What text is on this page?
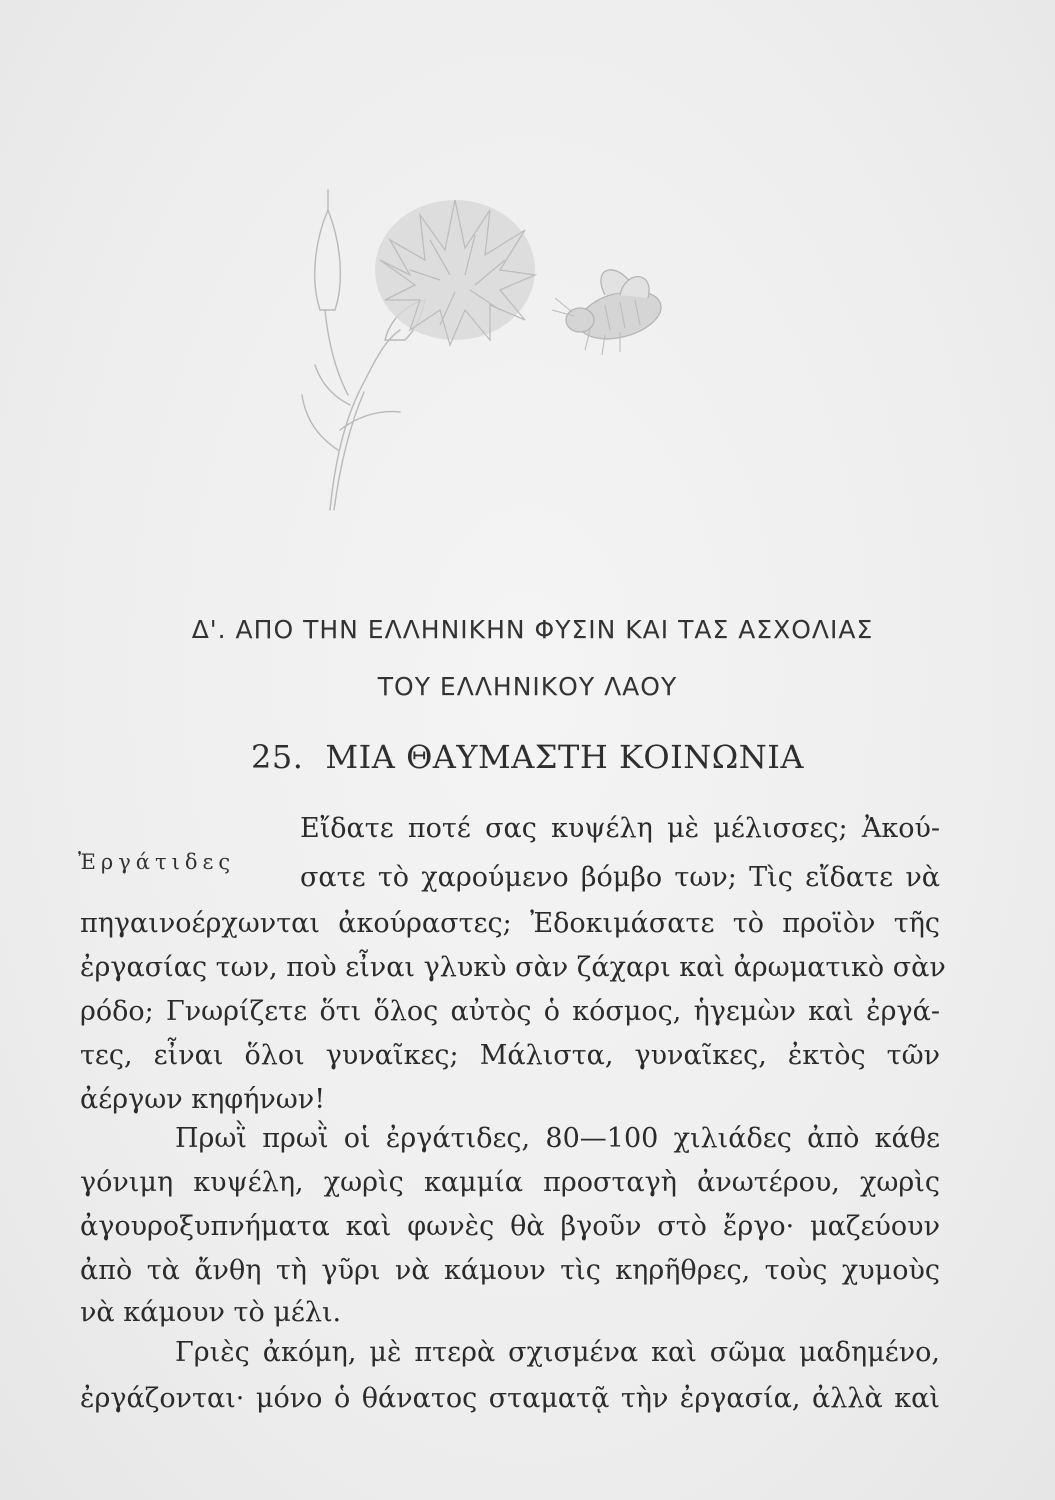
Δ'. ΑΠΟ ΤΗΝ ΕΛΛΗΝΙΚΗΝ ΦΥΣΙΝ ΚΑΙ ΤΑΣ ΑΣΧΟΛΙΑΣ
ΤΟΥ ΕΛΛΗΝΙΚΟΥ ΛΑΟΥ
25. ΜΙΑ ΘΑΥΜΑΣΤΗ ΚΟΙΝΩΝΙΑ
Ἐργάτιδες
Εἴδατε ποτέ σας κυψέλη μὲ μέλισσες; Ἀκού-
σατε τὸ χαρούμενο βόμβο των; Τὶς εἴδατε νὰ
πηγαινοέρχωνται ἀκούραστες; Ἐδοκιμάσατε τὸ προϊὸν τῆς
ἐργασίας των, ποὺ εἶναι γλυκὺ σὰν ζάχαρι καὶ ἀρωματικὸ σὰν
ρόδο; Γνωρίζετε ὅτι ὅλος αὐτὸς ὁ κόσμος, ἡγεμὼν καὶ ἐργά-
τες, εἶναι ὅλοι γυναῖκες; Μάλιστα, γυναῖκες, ἐκτὸς τῶν
ἀέργων κηφήνων!
Πρωῒ πρωῒ οἱ ἐργάτιδες, 80—100 χιλιάδες ἀπὸ κάθε
γόνιμη κυψέλη, χωρὶς καμμία προσταγὴ ἀνωτέρου, χωρὶς
ἀγουροξυπνήματα καὶ φωνὲς θὰ βγοῦν στὸ ἔργο· μαζεύουν
ἀπὸ τὰ ἄνθη τὴ γῦρι νὰ κάμουν τὶς κηρῆθρες, τοὺς χυμοὺς
νὰ κάμουν τὸ μέλι.
Γριὲς ἀκόμη, μὲ πτερὰ σχισμένα καὶ σῶμα μαδημένο,
ἐργάζονται· μόνο ὁ θάνατος σταματᾷ τὴν ἐργασία, ἀλλὰ καὶ
